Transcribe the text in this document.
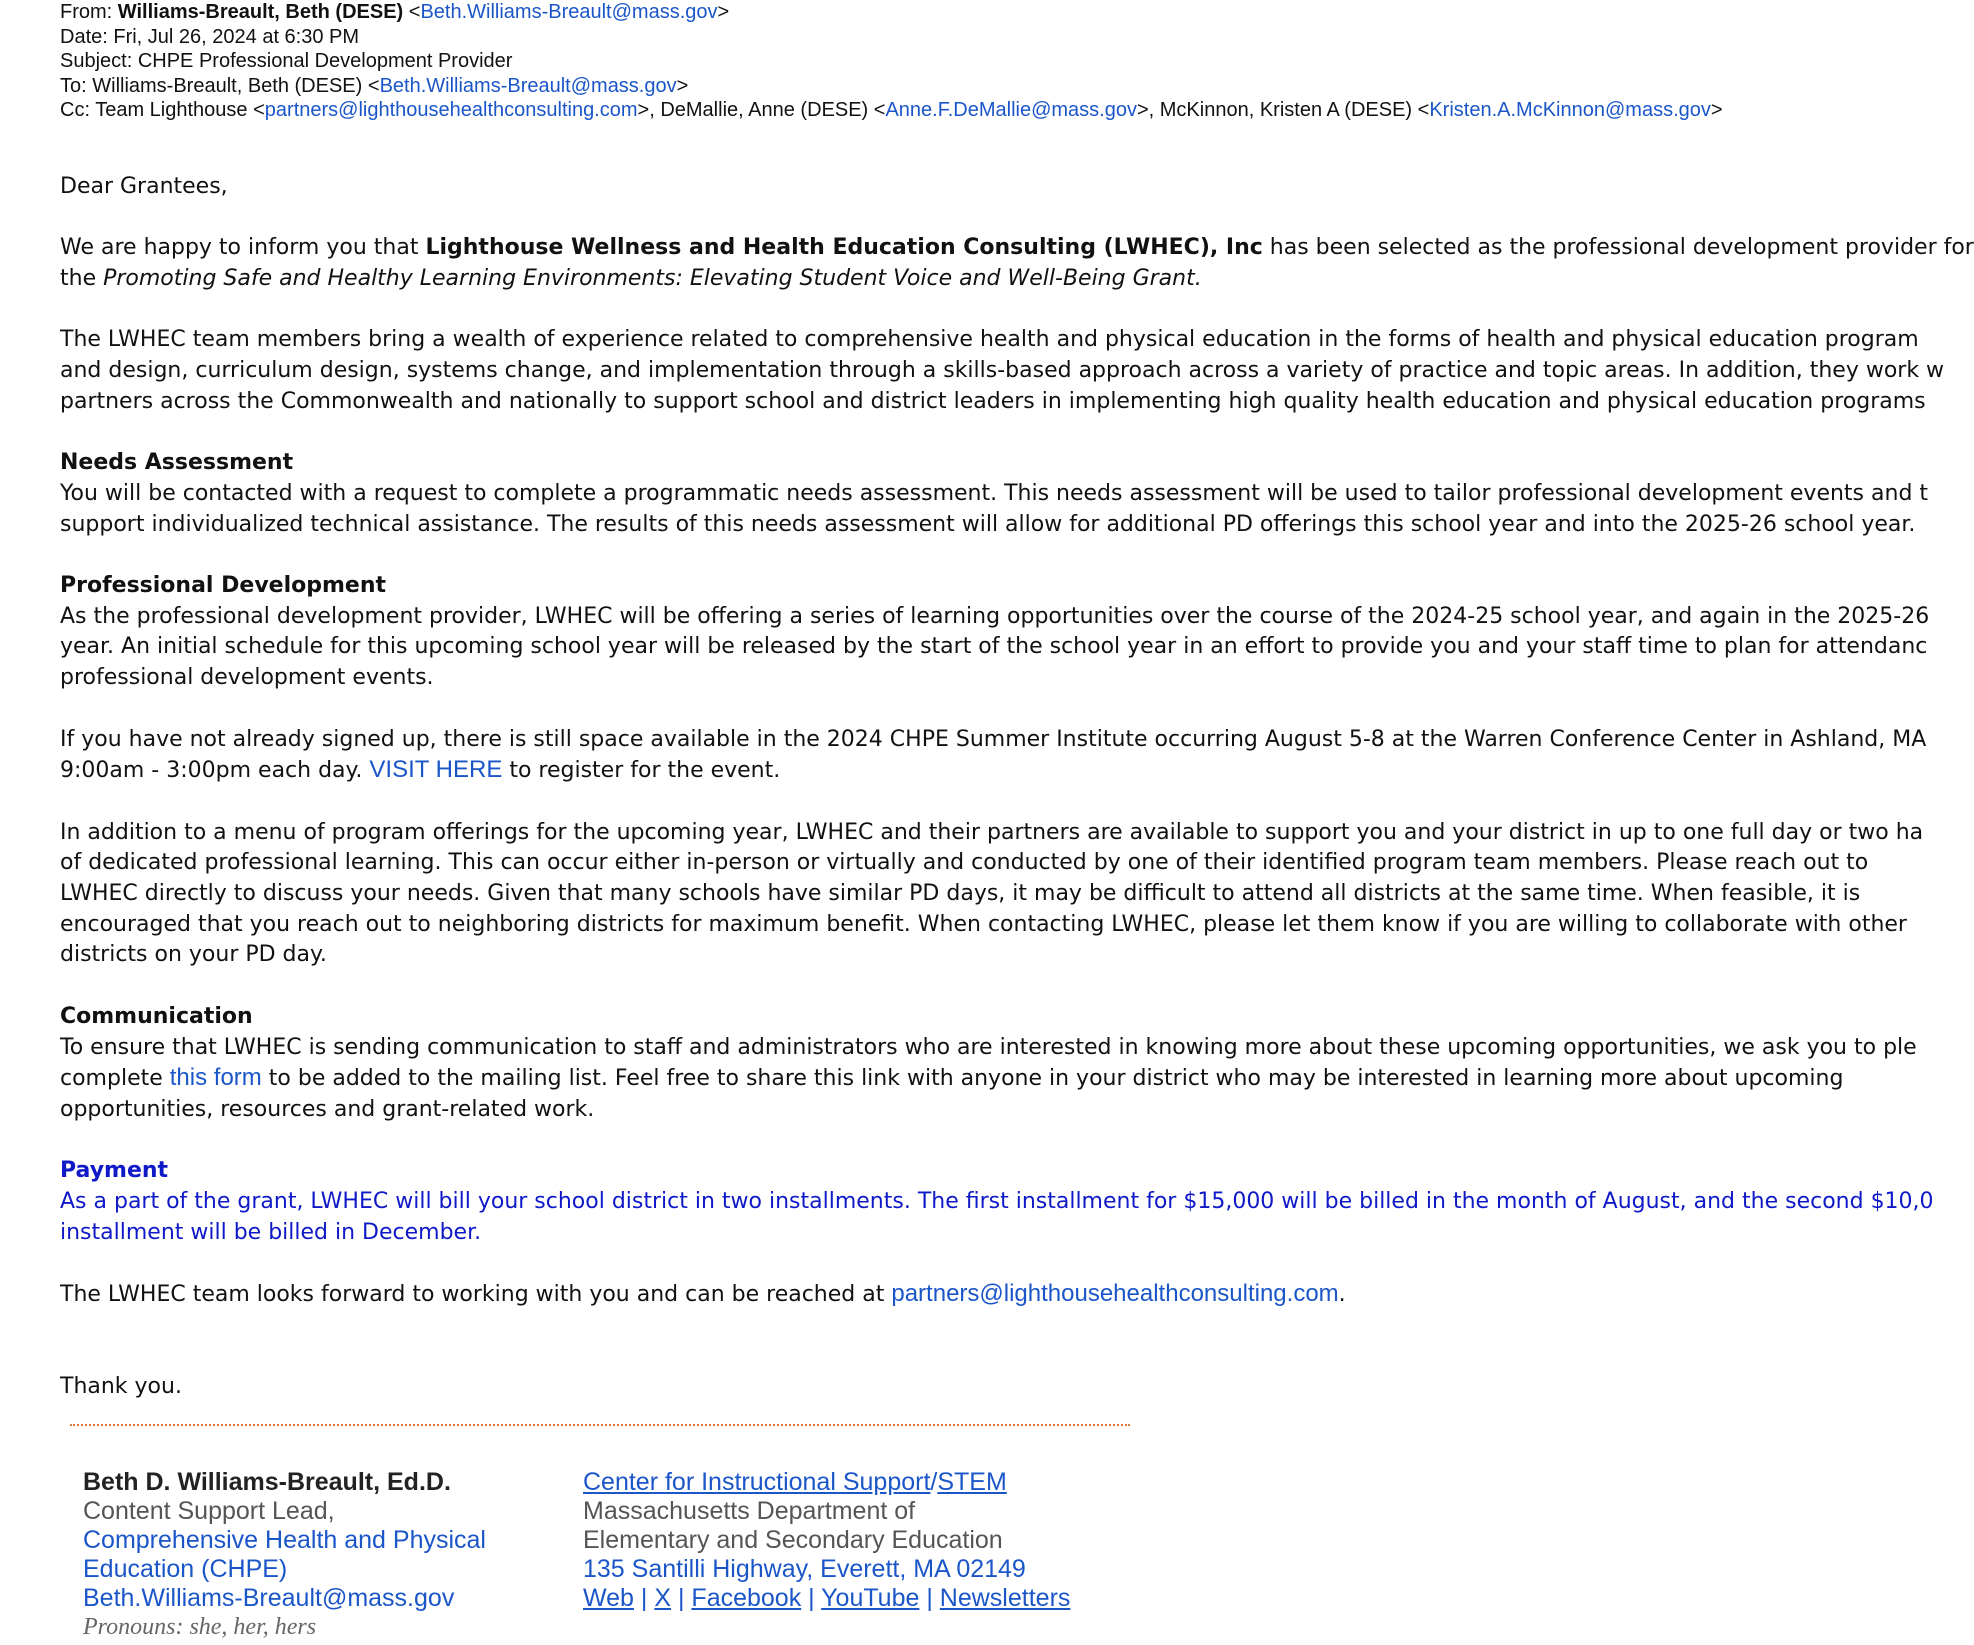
From: Williams-Breault, Beth (DESE) <Beth.Williams-Breault@mass.gov>
Date: Fri, Jul 26, 2024 at 6:30 PM
Subject: CHPE Professional Development Provider
To: Williams-Breault, Beth (DESE) <Beth.Williams-Breault@mass.gov>
Cc: Team Lighthouse <partners@lighthousehealthconsulting.com>, DeMallie, Anne (DESE) <Anne.F.DeMallie@mass.gov>, McKinnon, Kristen A (DESE) <Kristen.A.McKinnon@mass.gov>

Dear Grantees,

We are happy to inform you that Lighthouse Wellness and Health Education Consulting (LWHEC), Inc has been selected as the professional development provider for

the Promoting Safe and Healthy Learning Environments: Elevating Student Voice and Well-Being Grant.

The LWHEC team members bring a wealth of experience related to comprehensive health and physical education in the forms of health and physical education program

and design, curriculum design, systems change, and implementation through a skills-based approach across a variety of practice and topic areas. In addition, they work w

partners across the Commonwealth and nationally to support school and district leaders in implementing high quality health education and physical education programs

Needs Assessment

You will be contacted with a request to complete a programmatic needs assessment. This needs assessment will be used to tailor professional development events and t

support individualized technical assistance. The results of this needs assessment will allow for additional PD offerings this school year and into the 2025-26 school year.

Professional Development

As the professional development provider, LWHEC will be offering a series of learning opportunities over the course of the 2024-25 school year, and again in the 2025-26

year. An initial schedule for this upcoming school year will be released by the start of the school year in an effort to provide you and your staff time to plan for attendanc

professional development events.

If you have not already signed up, there is still space available in the 2024 CHPE Summer Institute occurring August 5-8 at the Warren Conference Center in Ashland, MA

9:00am - 3:00pm each day. VISIT HERE to register for the event.

In addition to a menu of program offerings for the upcoming year, LWHEC and their partners are available to support you and your district in up to one full day or two ha

of dedicated professional learning. This can occur either in-person or virtually and conducted by one of their identified program team members. Please reach out to

LWHEC directly to discuss your needs. Given that many schools have similar PD days, it may be difficult to attend all districts at the same time. When feasible, it is

encouraged that you reach out to neighboring districts for maximum benefit. When contacting LWHEC, please let them know if you are willing to collaborate with other

districts on your PD day.

Communication

To ensure that LWHEC is sending communication to staff and administrators who are interested in knowing more about these upcoming opportunities, we ask you to ple

complete this form to be added to the mailing list. Feel free to share this link with anyone in your district who may be interested in learning more about upcoming

opportunities, resources and grant-related work.

Payment

As a part of the grant, LWHEC will bill your school district in two installments. The first installment for $15,000 will be billed in the month of August, and the second $10,0

installment will be billed in December.

The LWHEC team looks forward to working with you and can be reached at partners@lighthousehealthconsulting.com.

Thank you.

Beth D. Williams-Breault, Ed.D.
Content Support Lead,
Comprehensive Health and Physical
Education (CHPE)
Beth.Williams-Breault@mass.gov
Pronouns: she, her, hers
Center for Instructional Support/STEM
Massachusetts Department of
Elementary and Secondary Education
135 Santilli Highway, Everett, MA 02149
Web | X | Facebook | YouTube | Newsletters
